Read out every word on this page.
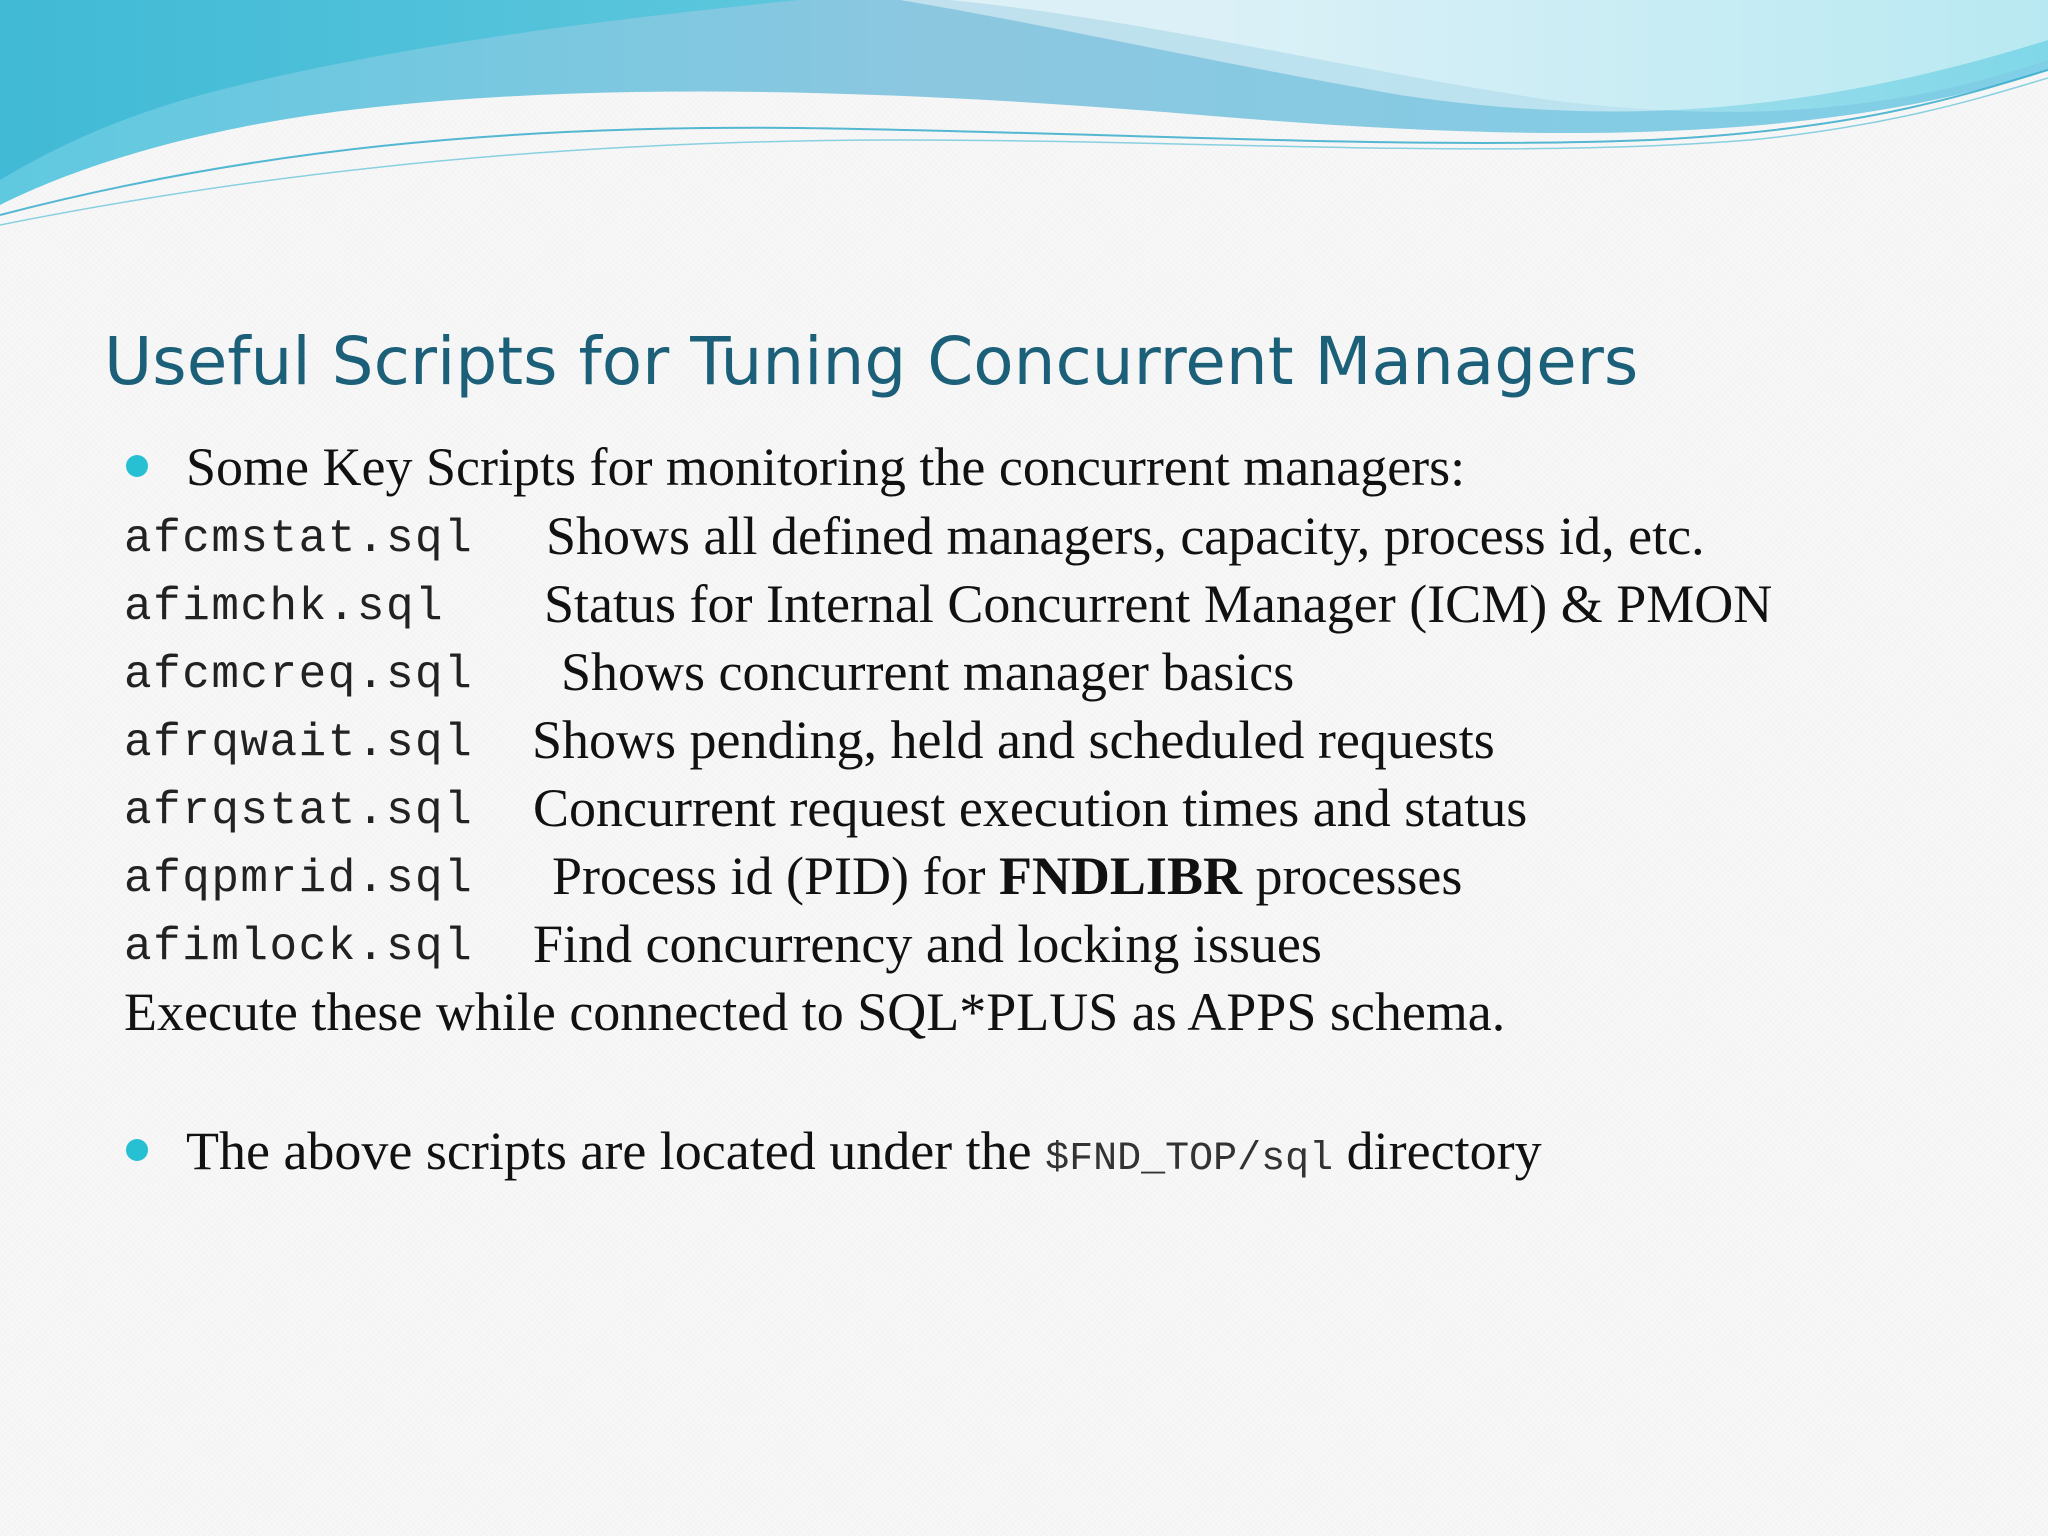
Useful Scripts for Tuning Concurrent Managers
Some Key Scripts for monitoring the concurrent managers:
afcmstat.sql Shows all defined managers, capacity, process id, etc.
afimchk.sql Status for Internal Concurrent Manager (ICM) & PMON
afcmcreq.sql Shows concurrent manager basics
afrqwait.sql Shows pending, held and scheduled requests
afrqstat.sql Concurrent request execution times and status
afqpmrid.sql Process id (PID) for FNDLIBR processes
afimlock.sql Find concurrency and locking issues
Execute these while connected to SQL*PLUS as APPS schema.
The above scripts are located under the $FND_TOP/sql directory
